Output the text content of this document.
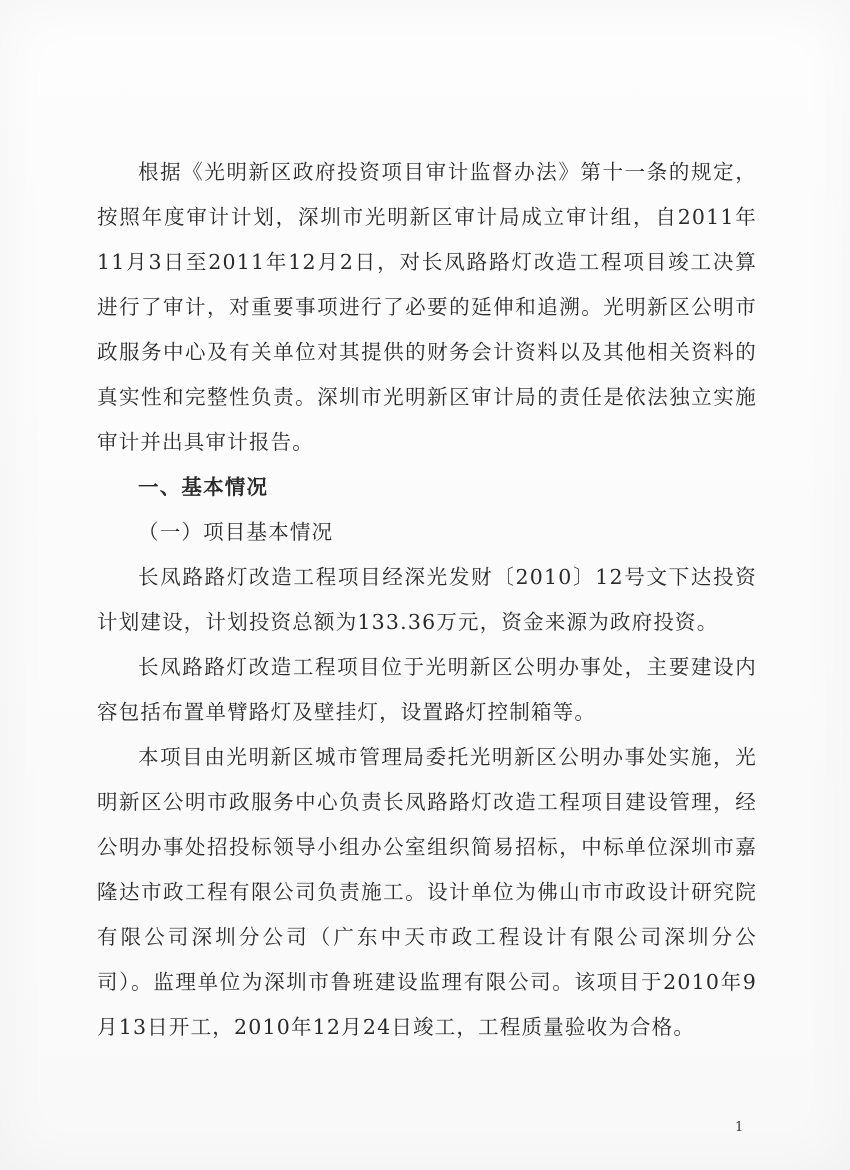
根据《光明新区政府投资项目审计监督办法》第十一条的规定，按照年度审计计划，深圳市光明新区审计局成立审计组，自2011年11月3日至2011年12月2日，对长凤路路灯改造工程项目竣工决算进行了审计，对重要事项进行了必要的延伸和追溯。光明新区公明市政服务中心及有关单位对其提供的财务会计资料以及其他相关资料的真实性和完整性负责。深圳市光明新区审计局的责任是依法独立实施审计并出具审计报告。

一、基本情况

（一）项目基本情况

长凤路路灯改造工程项目经深光发财〔2010〕12号文下达投资计划建设，计划投资总额为133.36万元，资金来源为政府投资。

长凤路路灯改造工程项目位于光明新区公明办事处，主要建设内容包括布置单臂路灯及壁挂灯，设置路灯控制箱等。

本项目由光明新区城市管理局委托光明新区公明办事处实施，光明新区公明市政服务中心负责长凤路路灯改造工程项目建设管理，经公明办事处招投标领导小组办公室组织简易招标，中标单位深圳市嘉隆达市政工程有限公司负责施工。设计单位为佛山市市政设计研究院有限公司深圳分公司（广东中天市政工程设计有限公司深圳分公司）。监理单位为深圳市鲁班建设监理有限公司。该项目于2010年9月13日开工，2010年12月24日竣工，工程质量验收为合格。

1
